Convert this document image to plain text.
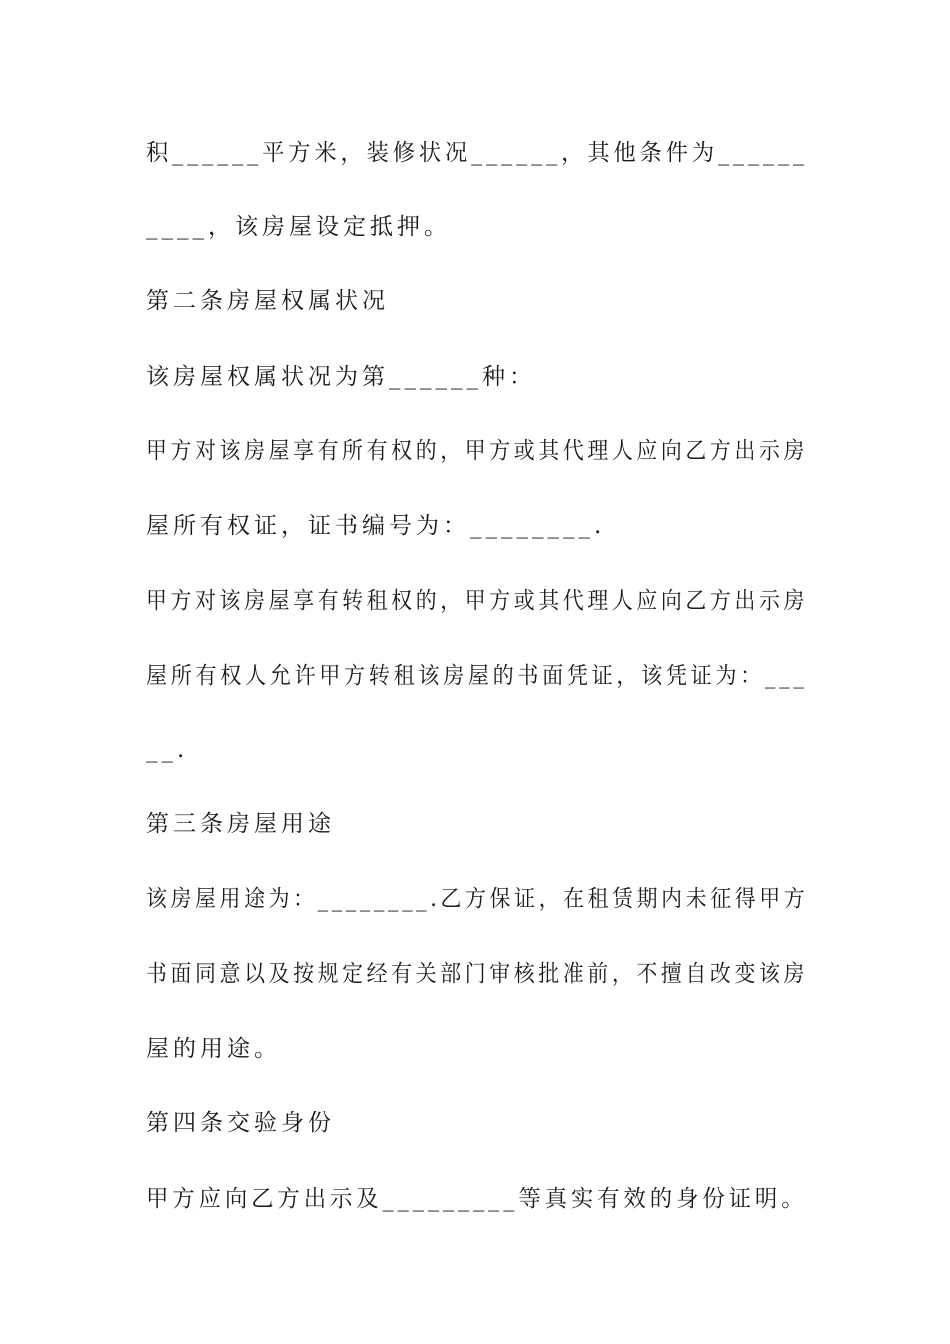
积______平方米，装修状况______，其他条件为______
____，该房屋设定抵押。
第二条房屋权属状况
该房屋权属状况为第______种：
甲方对该房屋享有所有权的，甲方或其代理人应向乙方出示房
屋所有权证，证书编号为：________.
甲方对该房屋享有转租权的，甲方或其代理人应向乙方出示房
屋所有权人允许甲方转租该房屋的书面凭证，该凭证为：___
__.
第三条房屋用途
该房屋用途为：________.乙方保证，在租赁期内未征得甲方
书面同意以及按规定经有关部门审核批准前，不擅自改变该房
屋的用途。
第四条交验身份
甲方应向乙方出示及_________等真实有效的身份证明。
